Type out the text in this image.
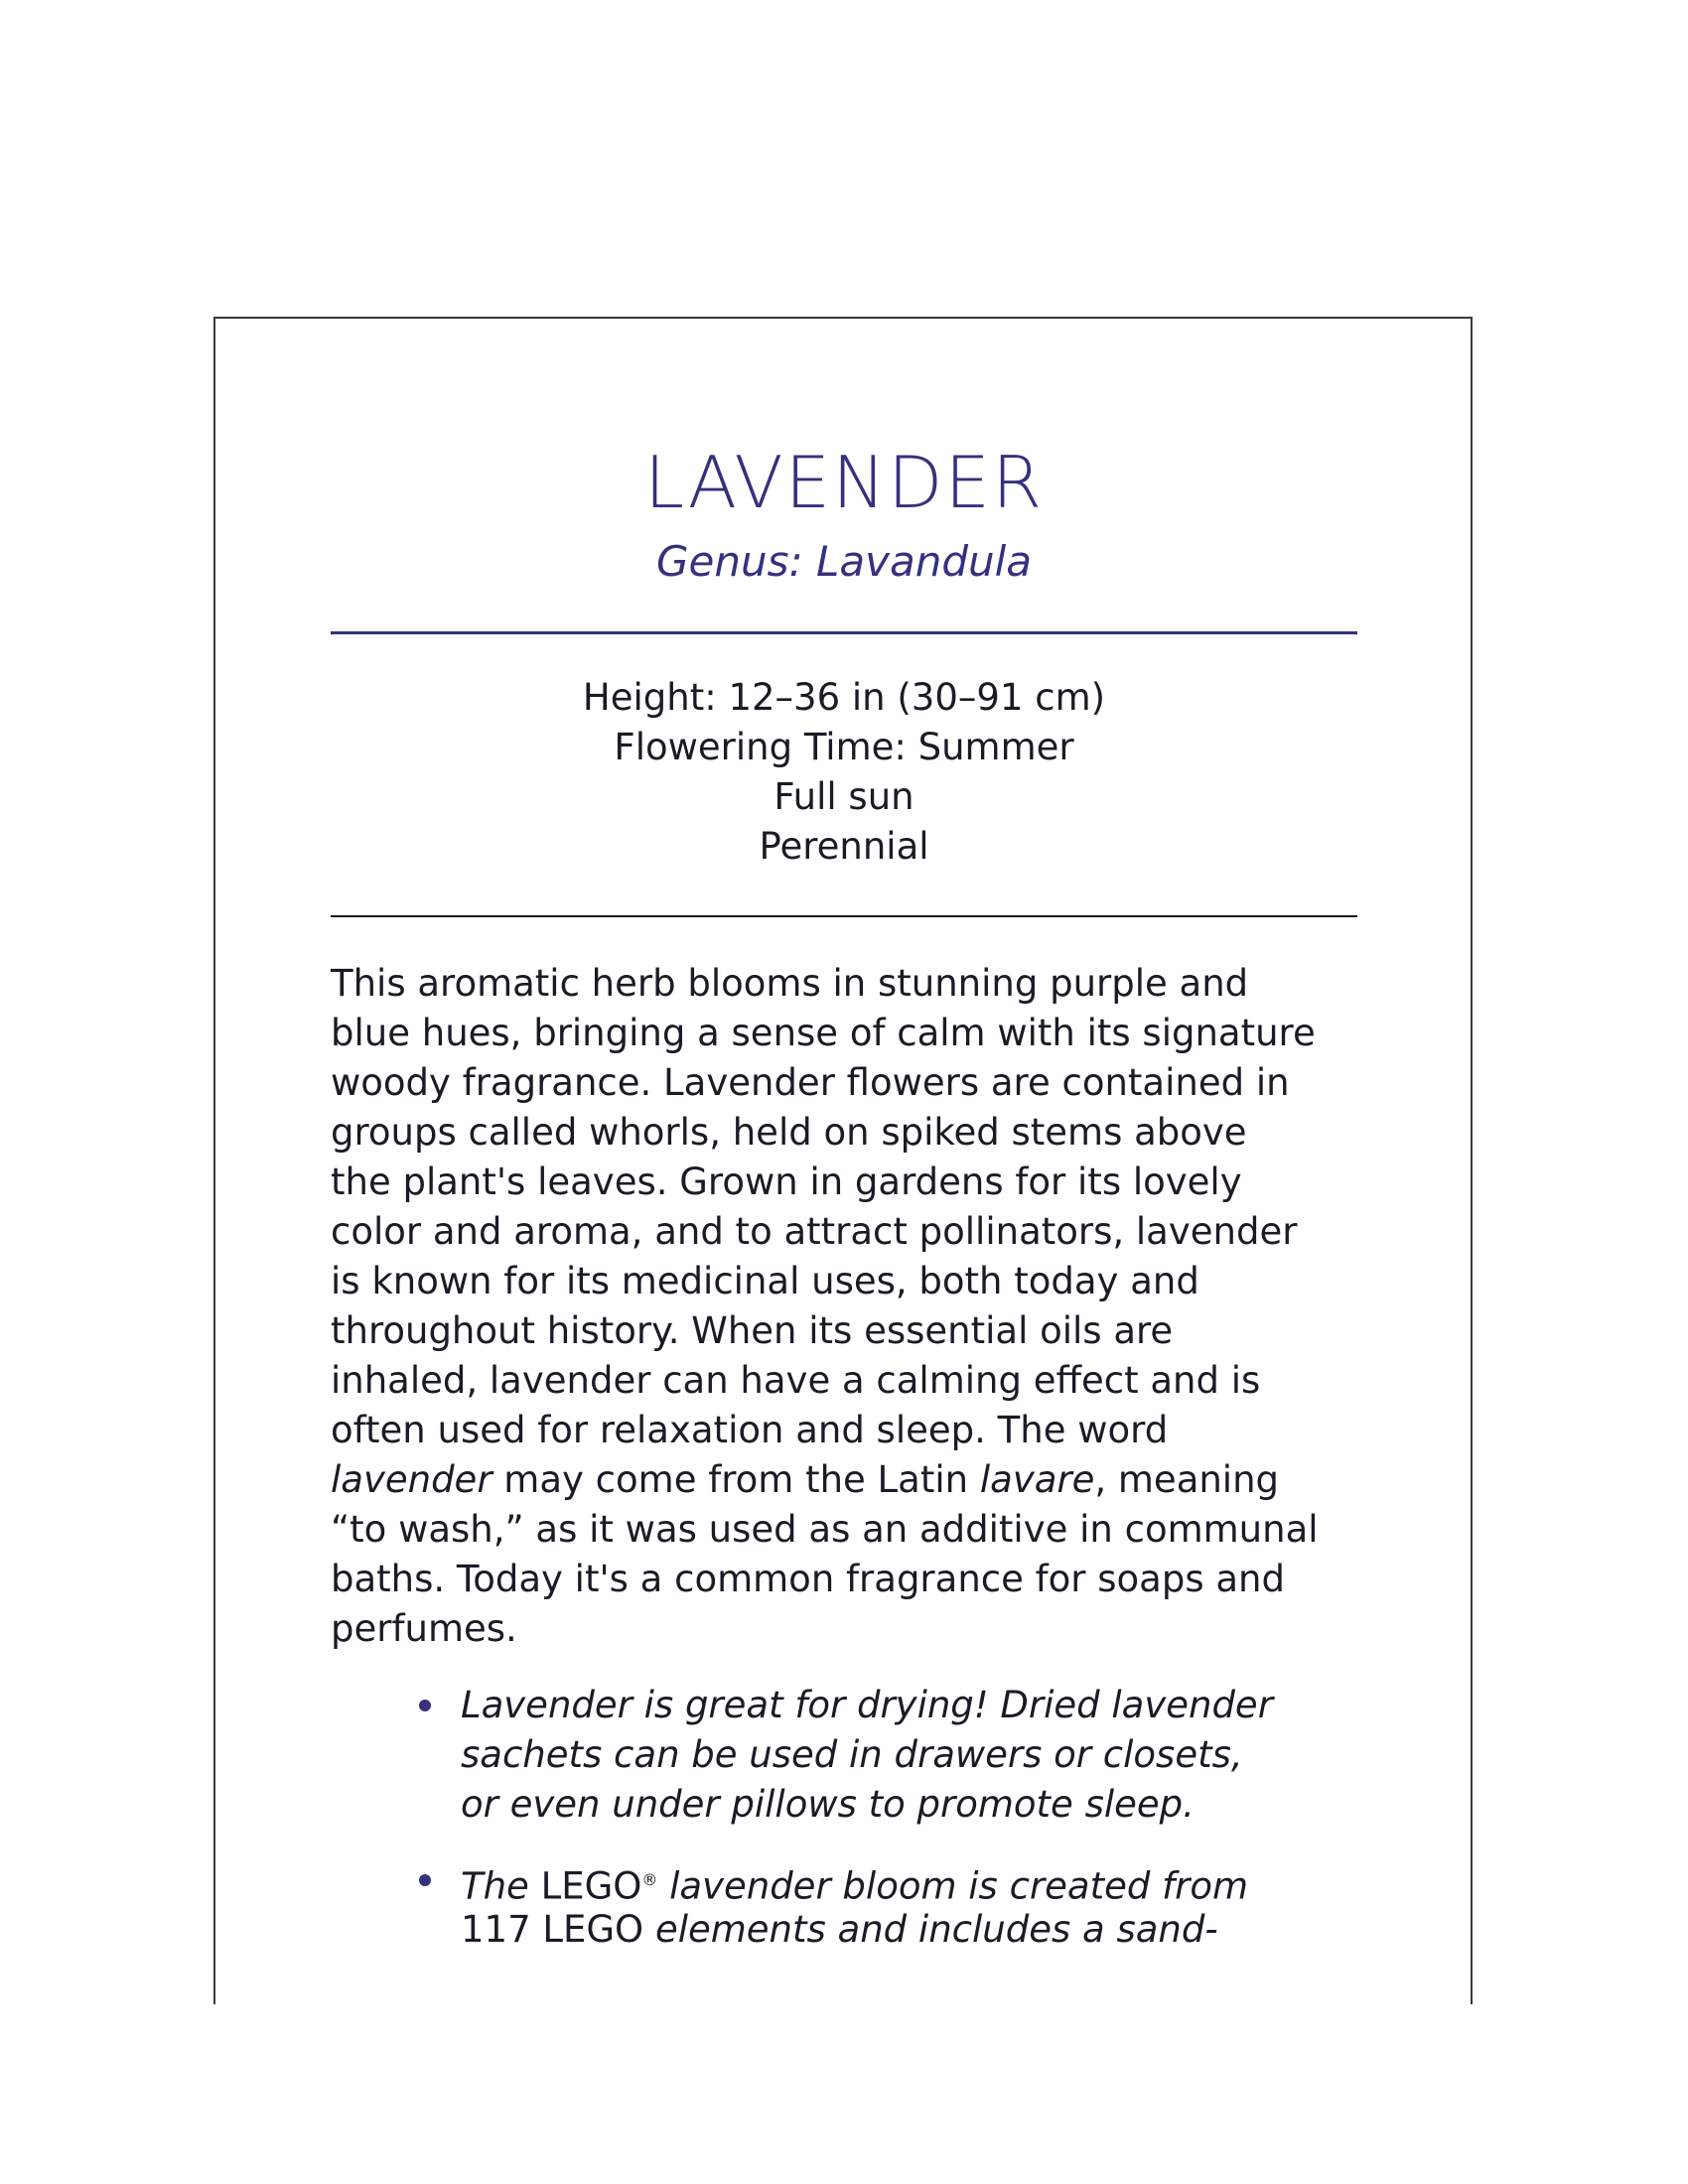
LAVENDER
Genus: Lavandula
Height: 12–36 in (30–91 cm)
Flowering Time: Summer
Full sun
Perennial
This aromatic herb blooms in stunning purple and
blue hues, bringing a sense of calm with its signature
woody fragrance. Lavender flowers are contained in
groups called whorls, held on spiked stems above
the plant's leaves. Grown in gardens for its lovely
color and aroma, and to attract pollinators, lavender
is known for its medicinal uses, both today and
throughout history. When its essential oils are
inhaled, lavender can have a calming effect and is
often used for relaxation and sleep. The word
lavender may come from the Latin lavare, meaning
“to wash,” as it was used as an additive in communal
baths. Today it's a common fragrance for soaps and
perfumes.
Lavender is great for drying! Dried lavender
sachets can be used in drawers or closets,
or even under pillows to promote sleep.
The LEGO® lavender bloom is created from
117 LEGO elements and includes a sand-
